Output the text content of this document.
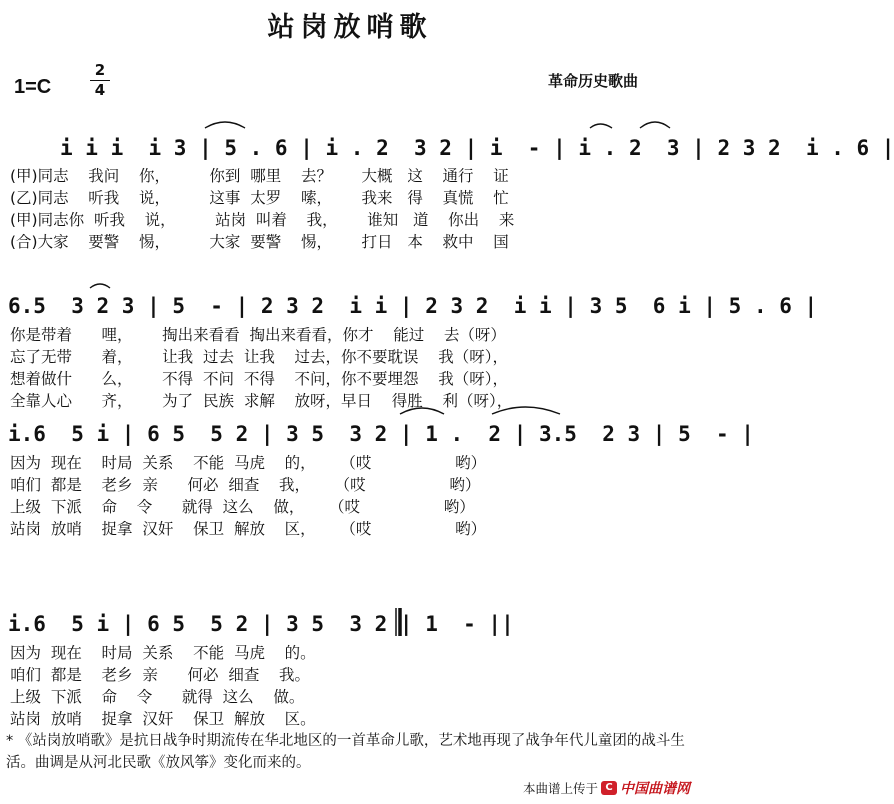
站岗放哨歌
1=C
2
4	革命历史歌曲
i i i  i 3 | 5 . 6 | i . 2  3 2 | i  - | i . 2  3 | 2 3 2  i . 6 |
(甲)同志    我问    你，        你到  哪里    去？      大概   这    通行    证
(乙)同志    听我    说，        这事  太罗    嗦，      我来   得    真慌    忙
(甲)同志你  听我    说，        站岗  叫着    我，      谁知   道    你出    来
(合)大家    要警    惕，        大家  要警    惕，      打日   本    救中    国
6.5  3 2 3 | 5  - | 2 3 2  i i | 2 3 2  i i | 3 5  6 i | 5 . 6 |
你是带着      哩，      掏出来看看  掏出来看看，你才    能过    去（呀）
忘了无带      着，      让我  过去  让我    过去，你不要耽误    我（呀），
想着做什      么，      不得  不问  不得    不问，你不要埋怨    我（呀），
全靠人心      齐，      为了  民族  求解    放呀，早日    得胜    利（呀），
i.6  5 i | 6 5  5 2 | 3 5  3 2 | 1 .  2 | 3.5  2 3 | 5  - |
因为  现在    时局  关系    不能  马虎    的，     （哎                 哟）
咱们  都是    老乡  亲      何必  细查    我，     （哎                 哟）
上级  下派    命    令      就得  这么    做，     （哎                 哟）
站岗  放哨    捉拿  汉奸    保卫  解放    区，     （哎                 哟）
i.6  5 i | 6 5  5 2 | 3 5  3 2 | 1  - ||
因为  现在    时局  关系    不能  马虎    的。
咱们  都是    老乡  亲      何必  细查    我。
上级  下派    命    令      就得  这么    做。
站岗  放哨    捉拿  汉奸    保卫  解放    区。
* 《站岗放哨歌》是抗日战争时期流传在华北地区的一首革命儿歌，艺术地再现了战争年代儿童团的战斗生活。曲调是从河北民歌《放风筝》变化而来的。
本曲谱上传于 C 中国曲谱网
